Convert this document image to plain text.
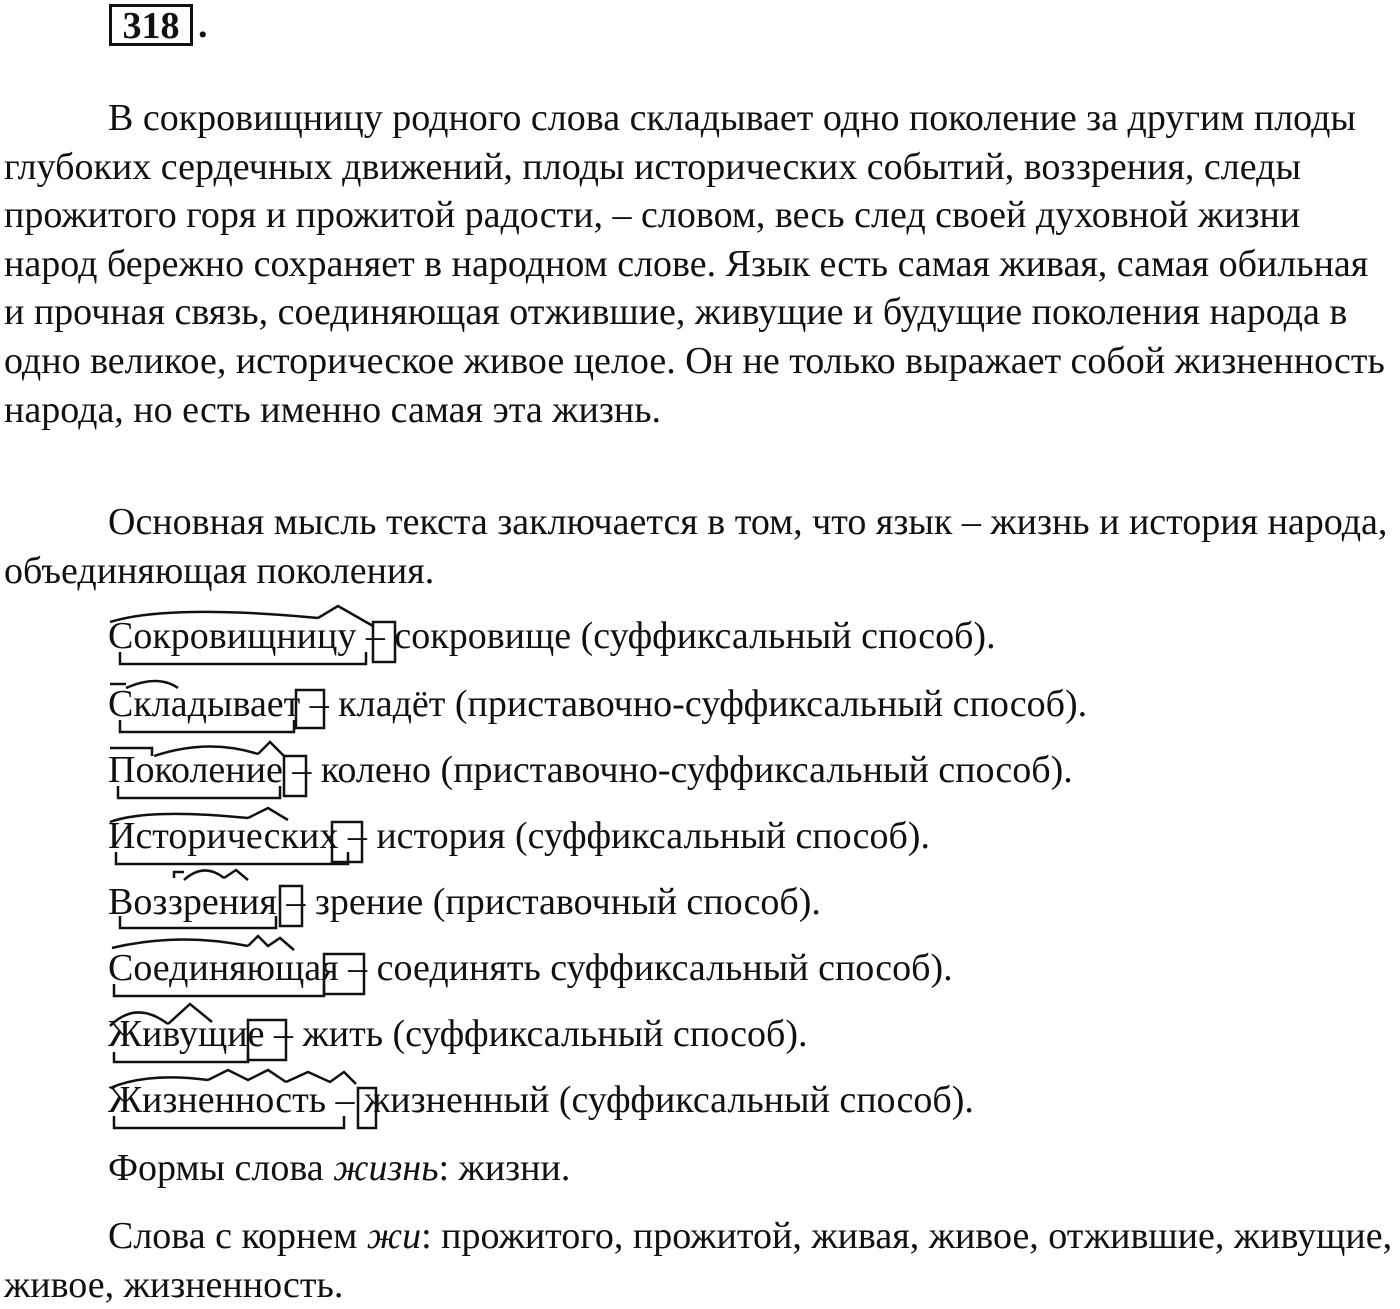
318 .

В сокровищницу родного слова складывает одно поколение за другим плоды глубоких сердечных движений, плоды исторических событий, воззрения, следы прожитого горя и прожитой радости, – словом, весь след своей духовной жизни народ бережно сохраняет в народном слове. Язык есть самая живая, самая обильная и прочная связь, соединяющая отжившие, живущие и будущие поколения народа в одно великое, историческое живое целое. Он не только выражает собой жизненность народа, но есть именно самая эта жизнь.

Основная мысль текста заключается в том, что язык – жизнь и история народа, объединяющая поколения.

Сокровищницу – сокровище (суффиксальный способ).
Складывает – кладёт (приставочно-суффиксальный способ).
Поколение – колено (приставочно-суффиксальный способ).
Исторических – история (суффиксальный способ).
Воззрения – зрение (приставочный способ).
Соединяющая – соединять суффиксальный способ).
Живущие – жить (суффиксальный способ).
Жизненность
– жизненный (суффиксальный способ).
Формы слова жизнь: жизни.

Слова с корнем жи: прожитого, прожитой, живая, живое, отжившие, живущие, живое, жизненность.
